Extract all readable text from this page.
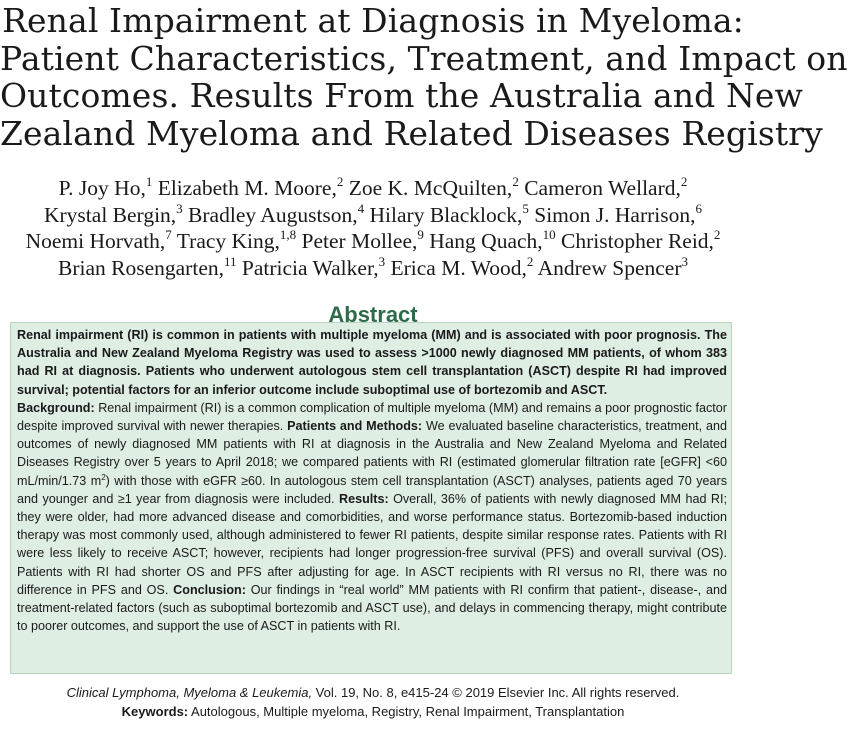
Renal Impairment at Diagnosis in Myeloma:
Patient Characteristics, Treatment, and Impact on
Outcomes. Results From the Australia and New
Zealand Myeloma and Related Diseases Registry
P. Joy Ho,$^1$ Elizabeth M. Moore,$^2$ Zoe K. McQuilten,$^2$ Cameron Wellard,$^2$
Krystal Bergin,$^3$ Bradley Augustson,$^4$ Hilary Blacklock,$^5$ Simon J. Harrison,$^6$
Noemi Horvath,$^7$ Tracy King,$^{1,8}$ Peter Mollee,$^9$ Hang Quach,$^{10}$ Christopher Reid,$^2$
Brian Rosengarten,$^{11}$ Patricia Walker,$^3$ Erica M. Wood,$^2$ Andrew Spencer$^3$
Abstract

Renal impairment (RI) is common in patients with multiple myeloma (MM) and is associated with poor prognosis. The Australia and New Zealand Myeloma Registry was used to assess >1000 newly diagnosed MM patients, of whom 383 had RI at diagnosis. Patients who underwent autologous stem cell transplantation (ASCT) despite RI had improved survival; potential factors for an inferior outcome include suboptimal use of bortezomib and ASCT.

Background: Renal impairment (RI) is a common complication of multiple myeloma (MM) and remains a poor prognostic factor despite improved survival with newer therapies. Patients and Methods: We evaluated baseline characteristics, treatment, and outcomes of newly diagnosed MM patients with RI at diagnosis in the Australia and New Zealand Myeloma and Related Diseases Registry over 5 years to April 2018; we compared patients with RI (estimated glomerular filtration rate [eGFR] <60 mL/min/1.73 $m^2$) with those with eGFR ≥60. In autologous stem cell transplantation (ASCT) analyses, patients aged 70 years and younger and ≥1 year from diagnosis were included. Results: Overall, 36% of patients with newly diagnosed MM had RI; they were older, had more advanced disease and comorbidities, and worse performance status. Bortezomib-based induction therapy was most commonly used, although administered to fewer RI patients, despite similar response rates. Patients with RI were less likely to receive ASCT; however, recipients had longer progression-free survival (PFS) and overall survival (OS). Patients with RI had shorter OS and PFS after adjusting for age. In ASCT recipients with RI versus no RI, there was no difference in PFS and OS. Conclusion: Our findings in “real world” MM patients with RI confirm that patient-, disease-, and treatment-related factors (such as suboptimal bortezomib and ASCT use), and delays in commencing therapy, might contribute to poorer outcomes, and support the use of ASCT in patients with RI.

Clinical Lymphoma, Myeloma & Leukemia, Vol. 19, No. 8, e415-24 © 2019 Elsevier Inc. All rights reserved.
Keywords: Autologous, Multiple myeloma, Registry, Renal Impairment, Transplantation
